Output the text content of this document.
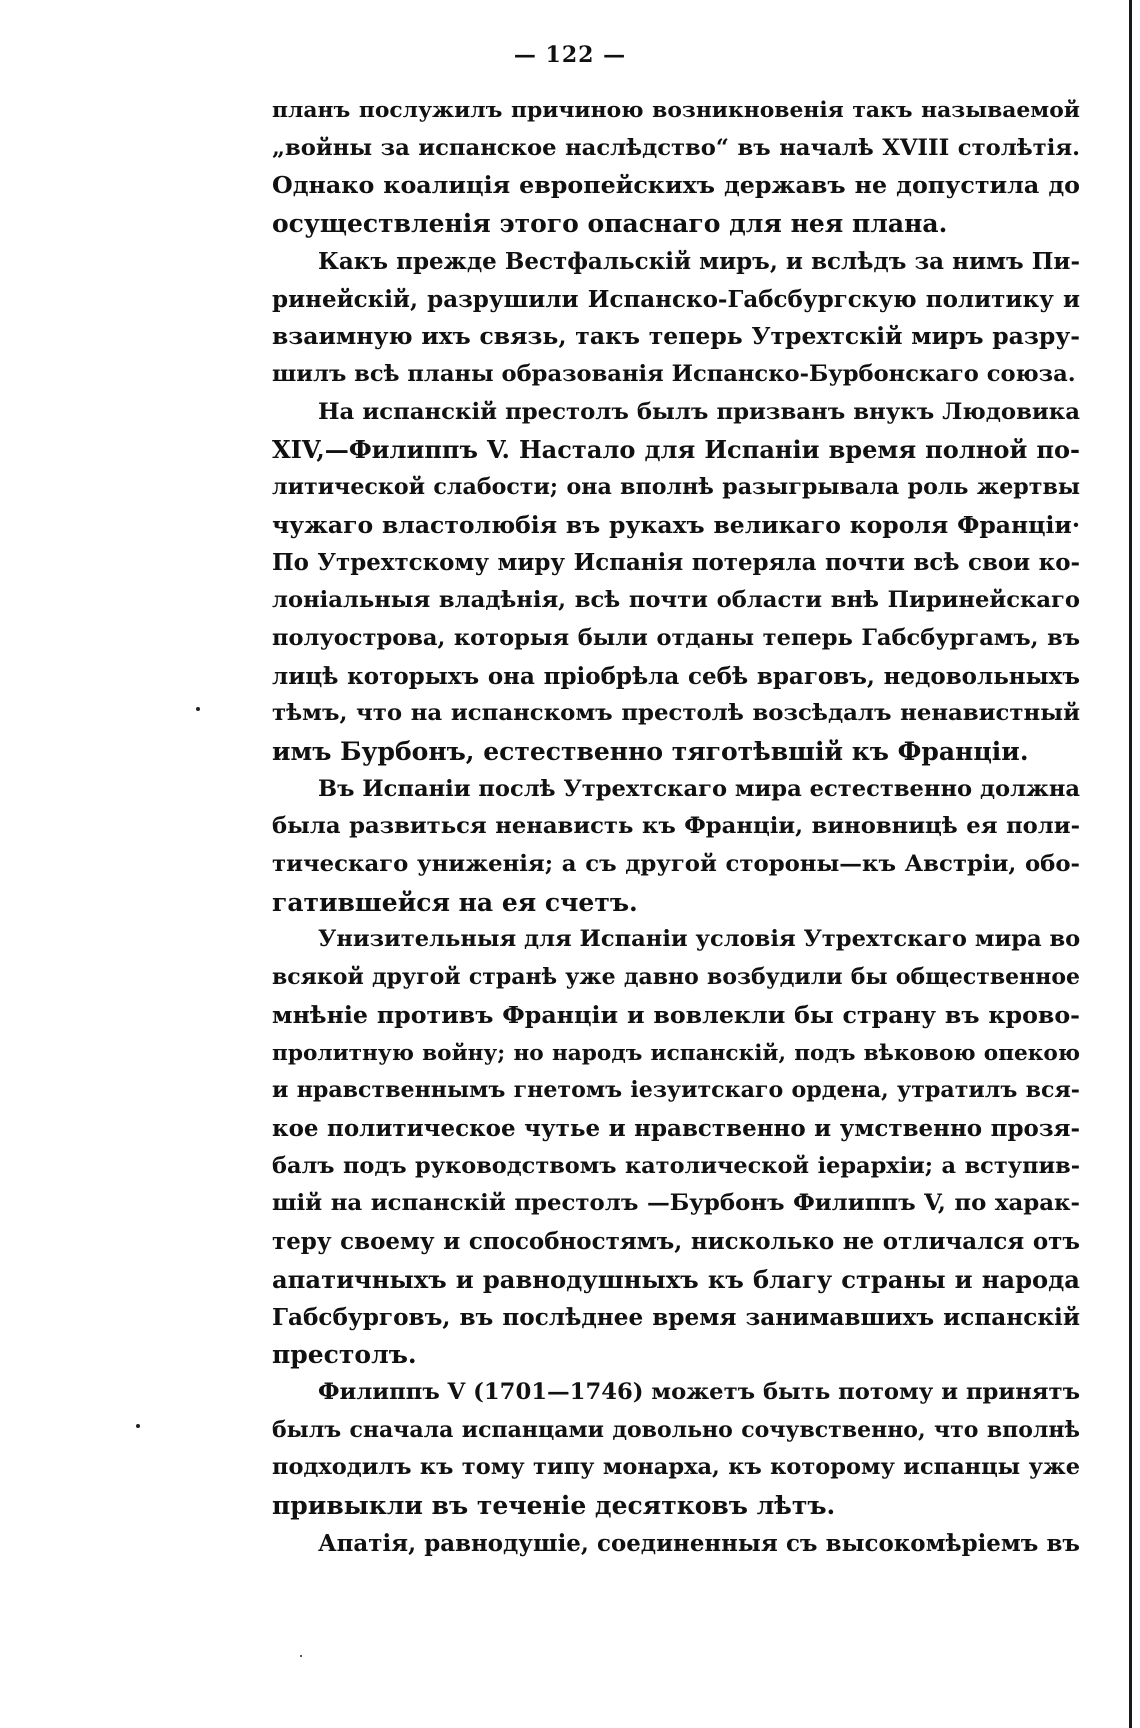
— 122 —

планъ послужилъ причиною возникновенія такъ называемой
„войны за испанское наслѣдство“ въ началѣ XVIII столѣтія.
Однако коалиція европейскихъ державъ не допустила до
осуществленія этого опаснаго для нея плана.

Какъ прежде Вестфальскій миръ, и вслѣдъ за нимъ Пи-
ринейскій, разрушили Испанско-Габсбургскую политику и
взаимную ихъ связь, такъ теперь Утрехтскій миръ разру-
шилъ всѣ планы образованія Испанско-Бурбонскаго союза.

На испанскій престолъ былъ призванъ внукъ Людовика
XIV,—Филиппъ V. Настало для Испаніи время полной по-
литической слабости; она вполнѣ разыгрывала роль жертвы
чужаго властолюбія въ рукахъ великаго короля Франціи·
По Утрехтскому миру Испанія потеряла почти всѣ свои ко-
лоніальныя владѣнія, всѣ почти области внѣ Пиринейскаго
полуострова, которыя были отданы теперь Габсбургамъ, въ
лицѣ которыхъ она пріобрѣла себѣ враговъ, недовольныхъ
тѣмъ, что на испанскомъ престолѣ возсѣдалъ ненавистный
имъ Бурбонъ, естественно тяготѣвшій къ Франціи.

Въ Испаніи послѣ Утрехтскаго мира естественно должна
была развиться ненависть къ Франціи, виновницѣ ея поли-
тическаго униженія; а съ другой стороны—къ Австріи, обо-
гатившейся на ея счетъ.

Унизительныя для Испаніи условія Утрехтскаго мира во
всякой другой странѣ уже давно возбудили бы общественное
мнѣніе противъ Франціи и вовлекли бы страну въ крово-
пролитную войну; но народъ испанскій, подъ вѣковою опекою
и нравственнымъ гнетомъ іезуитскаго ордена, утратилъ вся-
кое политическое чутье и нравственно и умственно прозя-
балъ подъ руководствомъ католической іерархіи; а вступив-
шій на испанскій престолъ —Бурбонъ Филиппъ V, по харак-
теру своему и способностямъ, нисколько не отличался отъ
апатичныхъ и равнодушныхъ къ благу страны и народа
Габсбурговъ, въ послѣднее время занимавшихъ испанскій
престолъ.

Филиппъ V (1701—1746) можетъ быть потому и принятъ
былъ сначала испанцами довольно сочувственно, что вполнѣ
подходилъ къ тому типу монарха, къ которому испанцы уже
привыкли въ теченіе десятковъ лѣтъ.

Апатія, равнодушіе, соединенныя съ высокомѣріемъ въ
